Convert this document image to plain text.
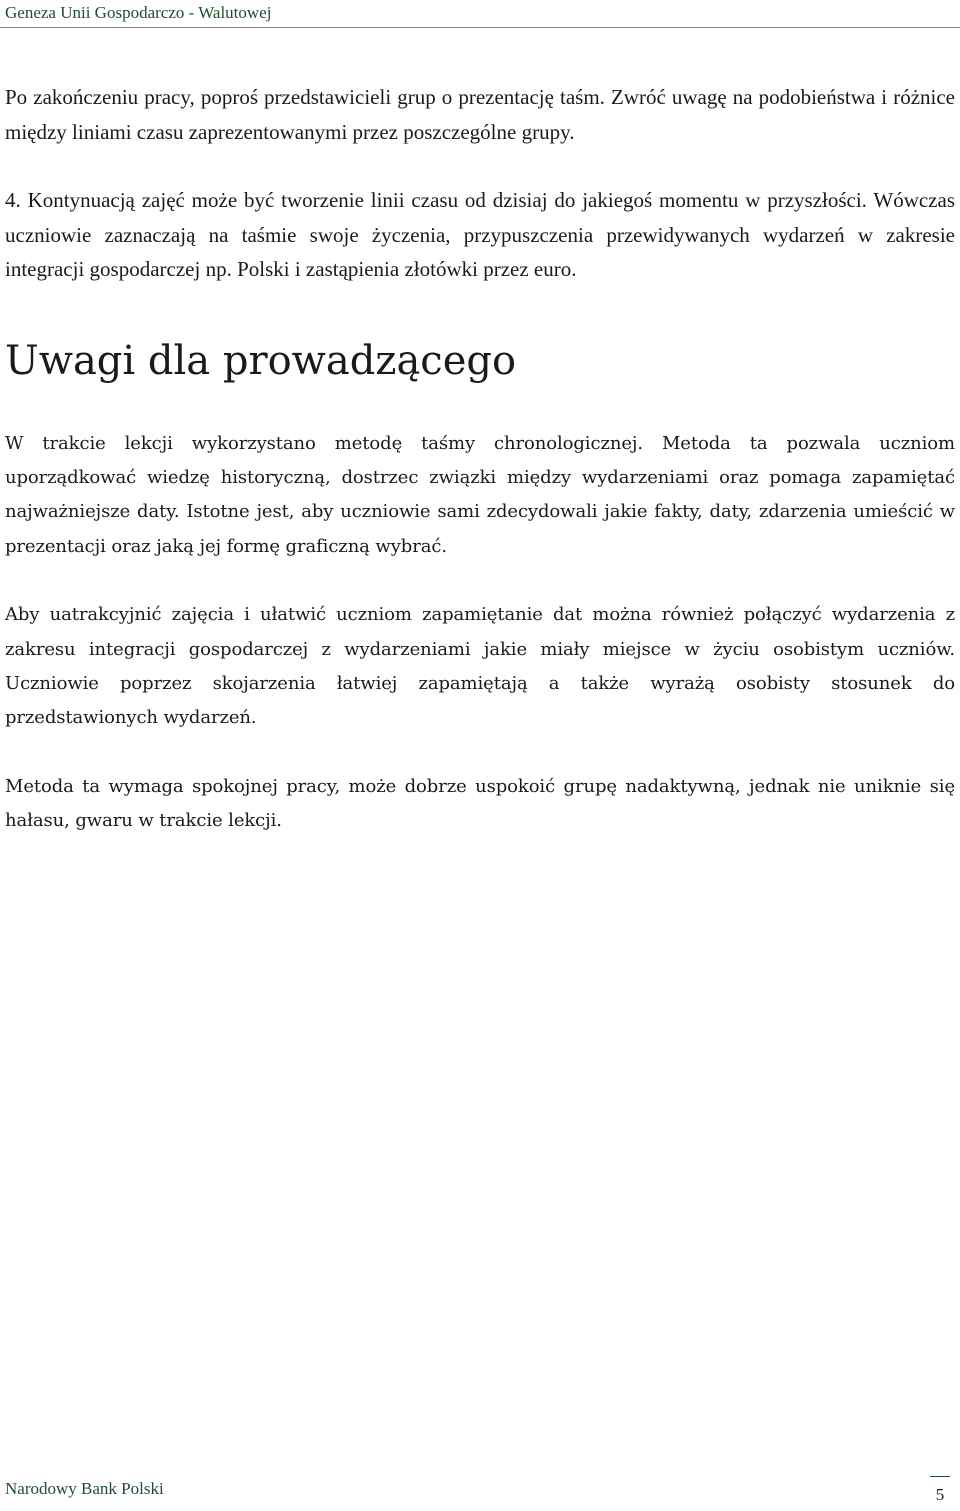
Geneza Unii Gospodarczo - Walutowej

Po zakończeniu pracy, poproś przedstawicieli grup o prezentację taśm. Zwróć uwagę na podobieństwa i różnice między liniami czasu zaprezentowanymi przez poszczególne grupy.

4. Kontynuacją zajęć może być tworzenie linii czasu od dzisiaj do jakiegoś momentu w przyszłości. Wówczas uczniowie zaznaczają na taśmie swoje życzenia, przypuszczenia przewidywanych wydarzeń w zakresie integracji gospodarczej np. Polski i zastąpienia złotówki przez euro.

Uwagi dla prowadzącego

W trakcie lekcji wykorzystano metodę taśmy chronologicznej. Metoda ta pozwala uczniom uporządkować wiedzę historyczną, dostrzec związki między wydarzeniami oraz pomaga zapamiętać najważniejsze daty. Istotne jest, aby uczniowie sami zdecydowali jakie fakty, daty, zdarzenia umieścić w prezentacji oraz jaką jej formę graficzną wybrać.

Aby uatrakcyjnić zajęcia i ułatwić uczniom zapamiętanie dat można również połączyć wydarzenia z zakresu integracji gospodarczej z wydarzeniami jakie miały miejsce w życiu osobistym uczniów. Uczniowie poprzez skojarzenia łatwiej zapamiętają a także wyrażą osobisty stosunek do przedstawionych wydarzeń.

Metoda ta wymaga spokojnej pracy, może dobrze uspokoić grupę nadaktywną, jednak nie uniknie się hałasu, gwaru w trakcie lekcji.

Narodowy Bank Polski	5
